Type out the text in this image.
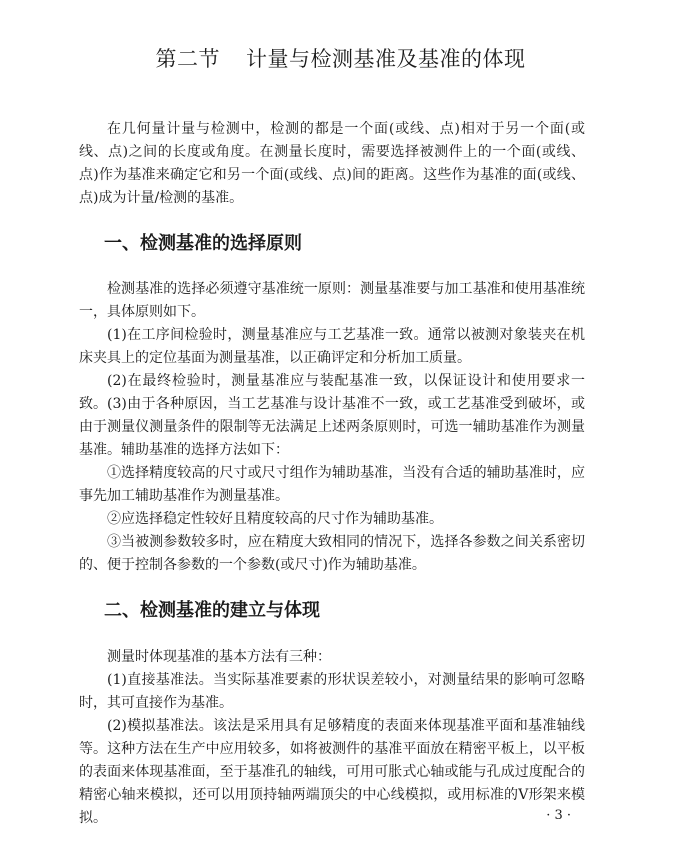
第二节 计量与检测基准及基准的体现

在几何量计量与检测中，检测的都是一个面(或线、点)相对于另一个面(或线、点)之间的长度或角度。在测量长度时，需要选择被测件上的一个面(或线、点)作为基准来确定它和另一个面(或线、点)间的距离。这些作为基准的面(或线、点)成为计量/检测的基准。

一、检测基准的选择原则

检测基准的选择必须遵守基准统一原则：测量基准要与加工基准和使用基准统一，具体原则如下。

(1)在工序间检验时，测量基准应与工艺基准一致。通常以被测对象装夹在机床夹具上的定位基面为测量基准，以正确评定和分析加工质量。

(2)在最终检验时，测量基准应与装配基准一致，以保证设计和使用要求一致。 (3)由于各种原因，当工艺基准与设计基准不一致，或工艺基准受到破坏，或由于测量仪测量条件的限制等无法满足上述两条原则时，可选一辅助基准作为测量基准。辅助基准的选择方法如下：

①选择精度较高的尺寸或尺寸组作为辅助基准，当没有合适的辅助基准时，应事先加工辅助基准作为测量基准。

②应选择稳定性较好且精度较高的尺寸作为辅助基准。

③当被测参数较多时，应在精度大致相同的情况下，选择各参数之间关系密切的、便于控制各参数的一个参数(或尺寸)作为辅助基准。

二、检测基准的建立与体现

测量时体现基准的基本方法有三种：

(1)直接基准法。当实际基准要素的形状误差较小，对测量结果的影响可忽略时，其可直接作为基准。

(2)模拟基准法。该法是采用具有足够精度的表面来体现基准平面和基准轴线等。这种方法在生产中应用较多，如将被测件的基准平面放在精密平板上，以平板的表面来体现基准面，至于基准孔的轴线，可用可胀式心轴或能与孔成过度配合的精密心轴来模拟，还可以用顶持轴两端顶尖的中心线模拟，或用标准的V形架来模拟。	· 3 ·
